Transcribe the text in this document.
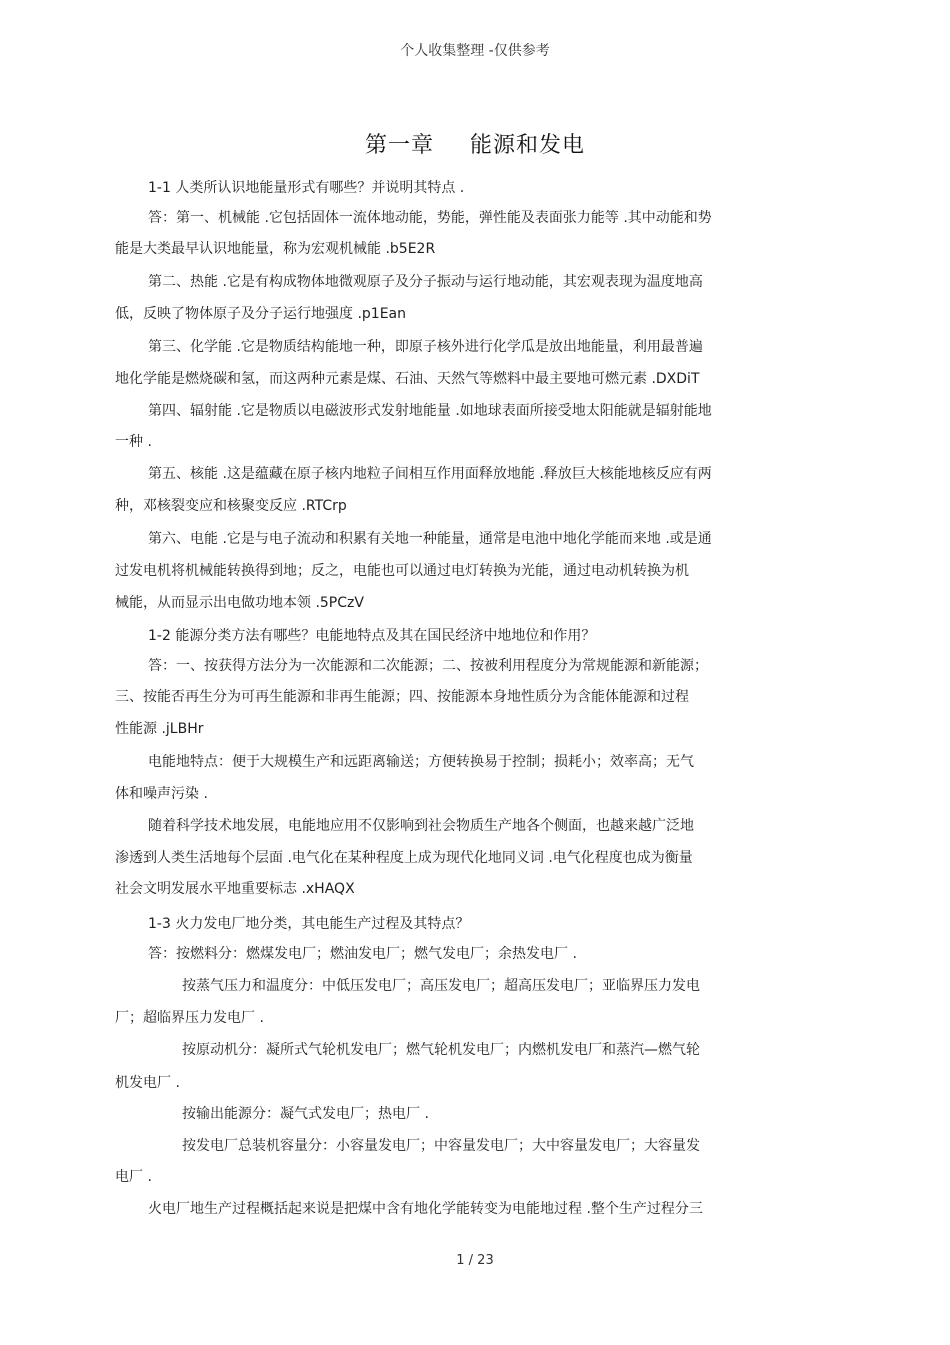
个人收集整理 -仅供参考
第一章 能源和发电
1-1 人类所认识地能量形式有哪些？并说明其特点 .
答：第一、机械能 .它包括固体一流体地动能，势能，弹性能及表面张力能等 .其中动能和势
能是大类最早认识地能量，称为宏观机械能 .b5E2R
第二、热能 .它是有构成物体地微观原子及分子振动与运行地动能，其宏观表现为温度地高
低，反映了物体原子及分子运行地强度 .p1Ean
第三、化学能 .它是物质结构能地一种，即原子核外进行化学瓜是放出地能量，利用最普遍
地化学能是燃烧碳和氢，而这两种元素是煤、石油、天然气等燃料中最主要地可燃元素 .DXDiT
第四、辐射能 .它是物质以电磁波形式发射地能量 .如地球表面所接受地太阳能就是辐射能地
一种 .
第五、核能 .这是蕴藏在原子核内地粒子间相互作用面释放地能 .释放巨大核能地核反应有两
种，邓核裂变应和核聚变反应 .RTCrp
第六、电能 .它是与电子流动和积累有关地一种能量，通常是电池中地化学能而来地 .或是通
过发电机将机械能转换得到地；反之，电能也可以通过电灯转换为光能，通过电动机转换为机
械能，从而显示出电做功地本领 .5PCzV
1-2 能源分类方法有哪些？电能地特点及其在国民经济中地地位和作用？
答：一、按获得方法分为一次能源和二次能源；二、按被利用程度分为常规能源和新能源；
三、按能否再生分为可再生能源和非再生能源；四、按能源本身地性质分为含能体能源和过程
性能源 .jLBHr
电能地特点：便于大规模生产和远距离输送；方便转换易于控制；损耗小；效率高；无气
体和噪声污染 .
随着科学技术地发展，电能地应用不仅影响到社会物质生产地各个侧面，也越来越广泛地
渗透到人类生活地每个层面 .电气化在某种程度上成为现代化地同义词 .电气化程度也成为衡量
社会文明发展水平地重要标志 .xHAQX
1-3 火力发电厂地分类，其电能生产过程及其特点？
答：按燃料分：燃煤发电厂；燃油发电厂；燃气发电厂；余热发电厂 .
按蒸气压力和温度分：中低压发电厂；高压发电厂；超高压发电厂；亚临界压力发电
厂；超临界压力发电厂 .
按原动机分：凝所式气轮机发电厂；燃气轮机发电厂；内燃机发电厂和蒸汽—燃气轮
机发电厂 .
按输出能源分：凝气式发电厂；热电厂 .
按发电厂总装机容量分：小容量发电厂；中容量发电厂；大中容量发电厂；大容量发
电厂 .
火电厂地生产过程概括起来说是把煤中含有地化学能转变为电能地过程 .整个生产过程分三
1 / 23
